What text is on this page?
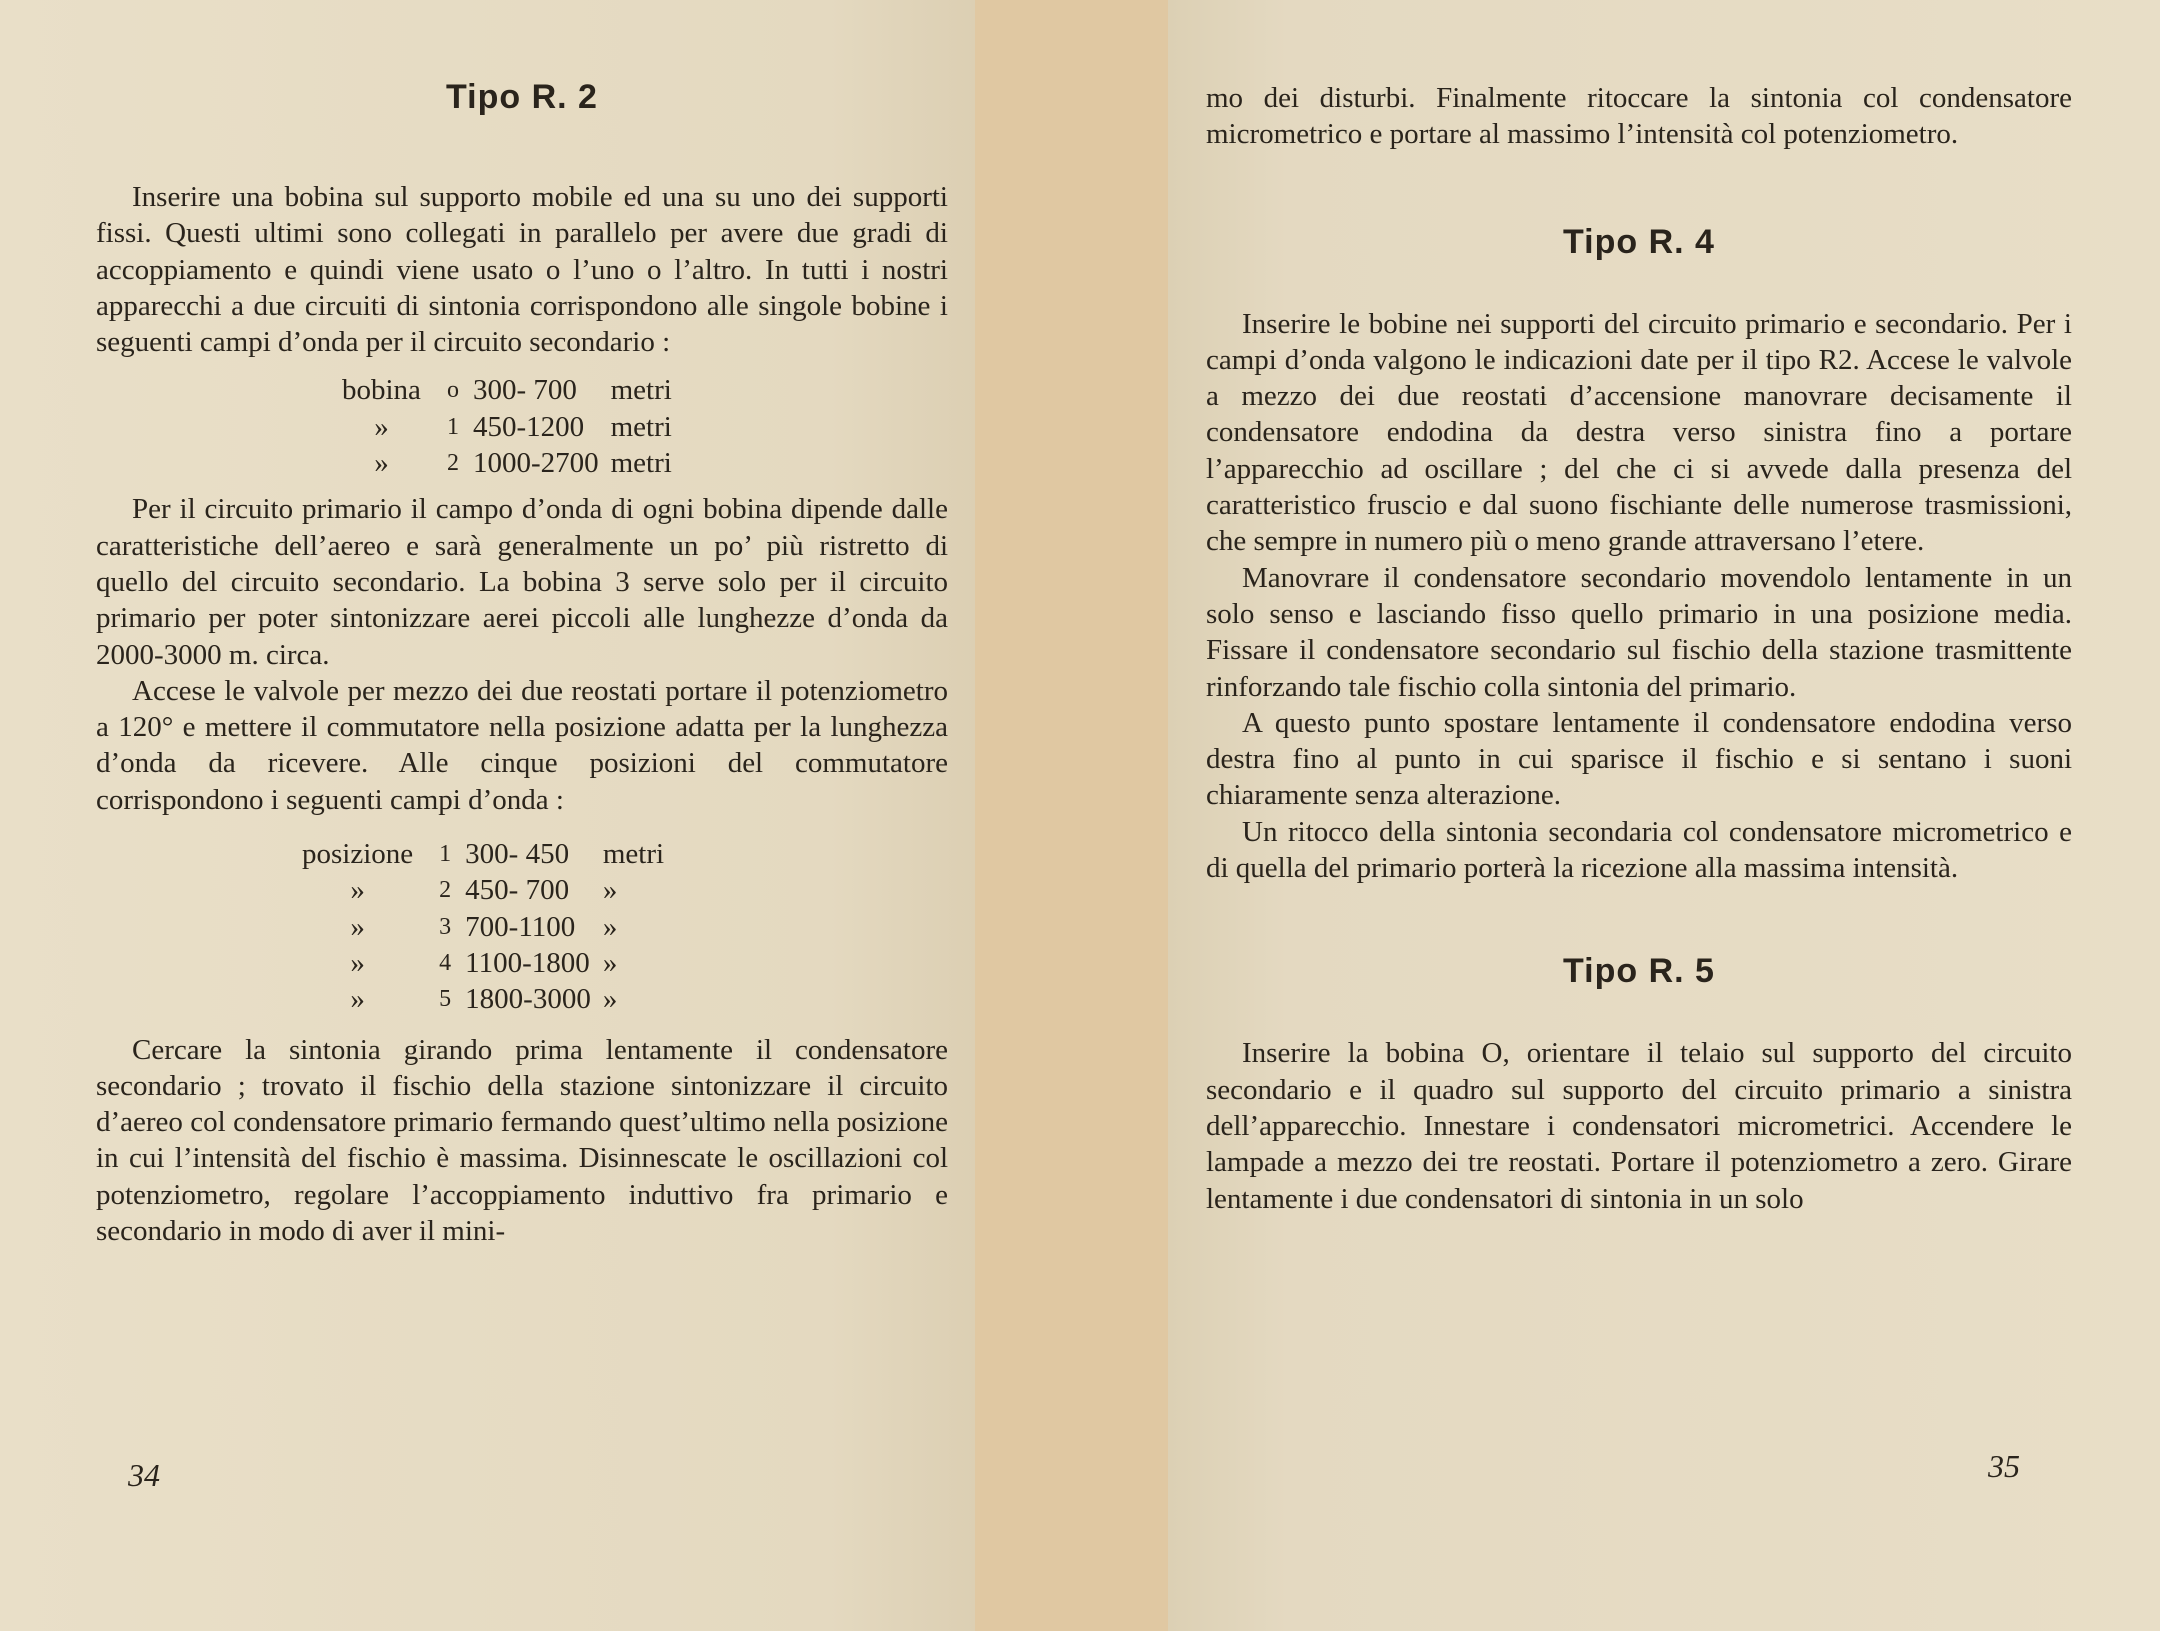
Tipo R. 2

Inserire una bobina sul supporto mobile ed una su uno dei supporti fissi. Questi ultimi sono collegati in parallelo per avere due gradi di accoppiamento e quindi viene usato o l’uno o l’altro. In tutti i nostri apparecchi a due circuiti di sintonia corrispondono alle singole bobine i seguenti campi d’onda per il circuito secondario :

bobina	o	300- 700	metri
»	1	450-1200	metri
»	2	1000-2700	metri

Per il circuito primario il campo d’onda di ogni bobina dipende dalle caratteristiche dell’aereo e sarà generalmente un po’ più ristretto di quello del circuito secondario. La bobina 3 serve solo per il circuito primario per poter sintonizzare aerei piccoli alle lunghezze d’onda da 2000-3000 m. circa.

Accese le valvole per mezzo dei due reostati portare il potenziometro a 120° e mettere il commutatore nella posizione adatta per la lunghezza d’onda da ricevere. Alle cinque posizioni del commutatore corrispondono i seguenti campi d’onda :

posizione	1	300- 450	metri
»	2	450- 700	»
»	3	700-1100	»
»	4	1100-1800	»
»	5	1800-3000	»

Cercare la sintonia girando prima lentamente il condensatore secondario ; trovato il fischio della stazione sintonizzare il circuito d’aereo col condensatore primario fermando quest’ultimo nella posizione in cui l’intensità del fischio è massima. Disinnescate le oscillazioni col potenziometro, regolare l’accoppiamento induttivo fra primario e secondario in modo di aver il mini-

34

mo dei disturbi. Finalmente ritoccare la sintonia col condensatore micrometrico e portare al massimo l’intensità col potenziometro.

Tipo R. 4

Inserire le bobine nei supporti del circuito primario e secondario. Per i campi d’onda valgono le indicazioni date per il tipo R2. Accese le valvole a mezzo dei due reostati d’accensione manovrare decisamente il condensatore endodina da destra verso sinistra fino a portare l’apparecchio ad oscillare ; del che ci si avvede dalla presenza del caratteristico fruscio e dal suono fischiante delle numerose trasmissioni, che sempre in numero più o meno grande attraversano l’etere.

Manovrare il condensatore secondario movendolo lentamente in un solo senso e lasciando fisso quello primario in una posizione media. Fissare il condensatore secondario sul fischio della stazione trasmittente rinforzando tale fischio colla sintonia del primario.

A questo punto spostare lentamente il condensatore endodina verso destra fino al punto in cui sparisce il fischio e si sentano i suoni chiaramente senza alterazione.

Un ritocco della sintonia secondaria col condensatore micrometrico e di quella del primario porterà la ricezione alla massima intensità.

Tipo R. 5

Inserire la bobina O, orientare il telaio sul supporto del circuito secondario e il quadro sul supporto del circuito primario a sinistra dell’apparecchio. Innestare i condensatori micrometrici. Accendere le lampade a mezzo dei tre reostati. Portare il potenziometro a zero. Girare lentamente i due condensatori di sintonia in un solo

35
